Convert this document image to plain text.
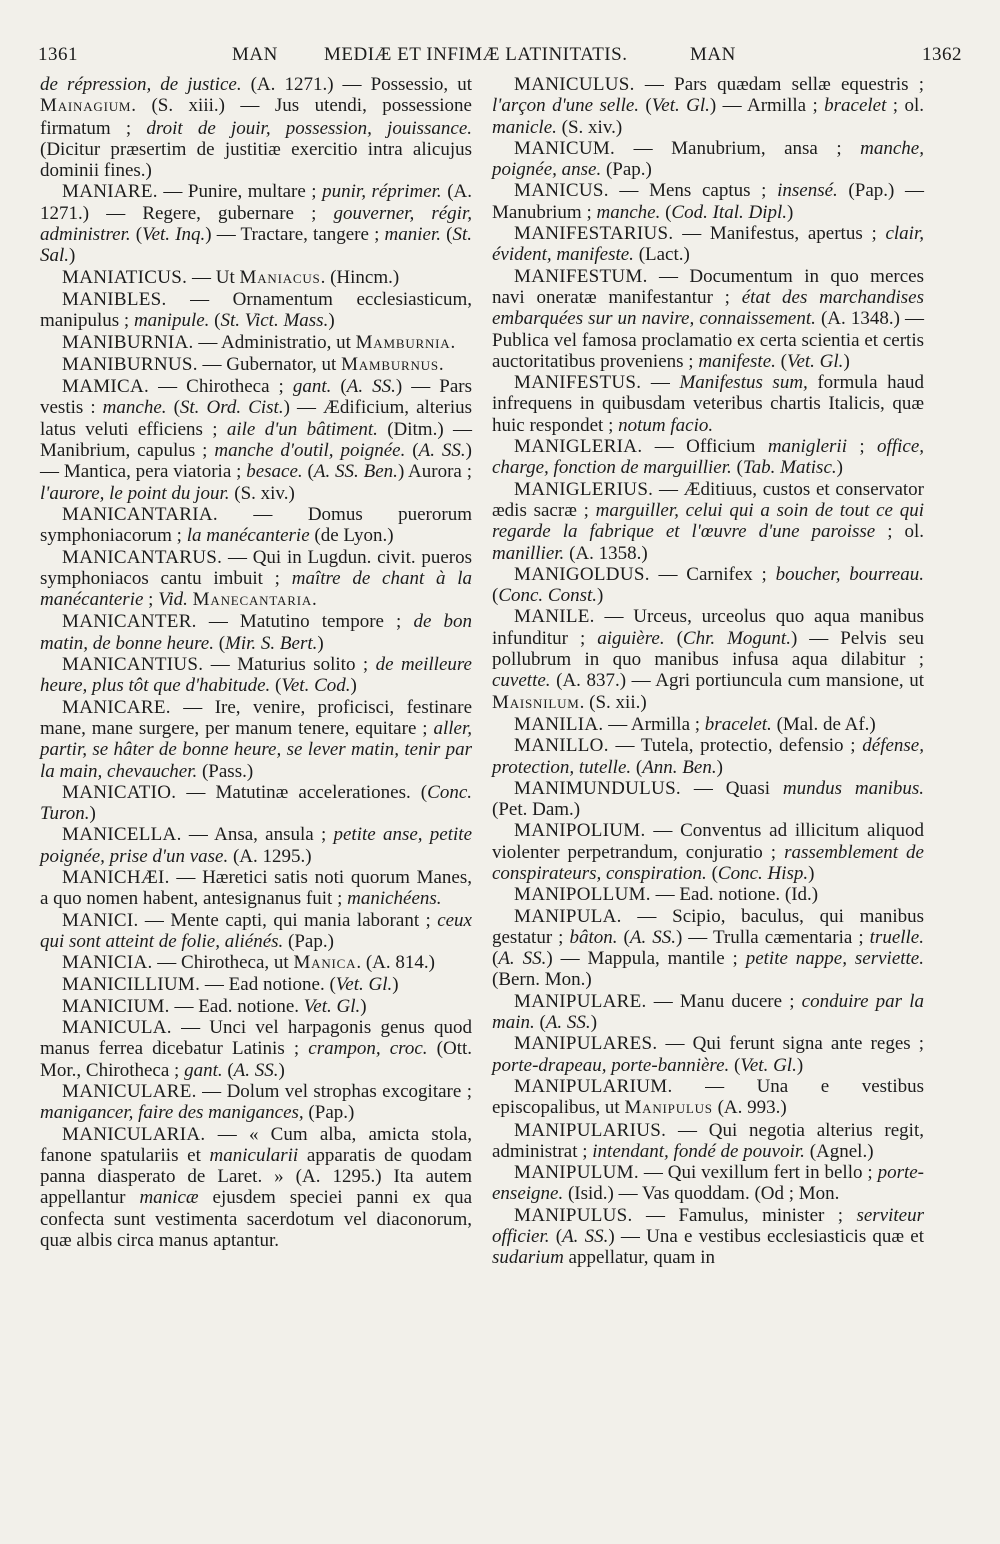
1361	MAN MEDIÆ ET INFIMÆ LATINITATIS.	MAN	1362

de répression, de justice. (A. 1271.) — Possessio, ut MAINAGIUM. (S. xiii.) — Jus utendi, possessione firmatum ; droit de jouir, possession, jouissance. (Dicitur præsertim de justitiæ exercitio intra alicujus dominii fines.)

MANIARE. — Punire, multare ; punir, réprimer. (A. 1271.) — Regere, gubernare ; gouverner, régir, administrer. (Vet. Inq.) — Tractare, tangere ; manier. (St. Sal.)

MANIATICUS. — Ut MANIACUS. (Hincm.)

MANIBLES. — Ornamentum ecclesiasticum, manipulus ; manipule. (St. Vict. Mass.)

MANIBURNIA. — Administratio, ut MAMBURNIA.

MANIBURNUS. — Gubernator, ut MAMBURNUS.

MAMICA. — Chirotheca ; gant. (A. SS.) — Pars vestis : manche. (St. Ord. Cist.) — Ædificium, alterius latus veluti efficiens ; aile d'un bâtiment. (Ditm.) — Manibrium, capulus ; manche d'outil, poignée. (A. SS.) — Mantica, pera viatoria ; besace. (A. SS. Ben.) Aurora ; l'aurore, le point du jour. (S. xiv.)

MANICANTARIA. — Domus puerorum symphoniacorum ; la manécanterie (de Lyon.)

MANICANTARUS. — Qui in Lugdun. civit. pueros symphoniacos cantu imbuit ; maître de chant à la manécanterie ; Vid. MANECANTARIA.

MANICANTER. — Matutino tempore ; de bon matin, de bonne heure. (Mir. S. Bert.)

MANICANTIUS. — Maturius solito ; de meilleure heure, plus tôt que d'habitude. (Vet. Cod.)

MANICARE. — Ire, venire, proficisci, festinare mane, mane surgere, per manum tenere, equitare ; aller, partir, se hâter de bonne heure, se lever matin, tenir par la main, chevaucher. (Pass.)

MANICATIO. — Matutinæ accelerationes. (Conc. Turon.)

MANICELLA. — Ansa, ansula ; petite anse, petite poignée, prise d'un vase. (A. 1295.)

MANICHÆI. — Hæretici satis noti quorum Manes, a quo nomen habent, antesignanus fuit ; manichéens.

MANICI. — Mente capti, qui mania laborant ; ceux qui sont atteint de folie, aliénés. (Pap.)

MANICIA. — Chirotheca, ut MANICA. (A. 814.)

MANICILLIUM. — Ead notione. (Vet. Gl.)

MANICIUM. — Ead. notione. Vet. Gl.)

MANICULA. — Unci vel harpagonis genus quod manus ferrea dicebatur Latinis ; crampon, croc. (Ott. Mor., Chirotheca ; gant. (A. SS.)

MANICULARE. — Dolum vel strophas excogitare ; manigancer, faire des manigances, (Pap.)

MANICULARIA. — « Cum alba, amicta stola, fanone spatulariis et manicularii apparatis de quodam panna diasperato de Laret. » (A. 1295.) Ita autem appellantur manicæ ejusdem speciei panni ex qua confecta sunt vestimenta sacerdotum vel diaconorum, quæ albis circa manus aptantur.

MANICULUS. — Pars quædam sellæ equestris ; l'arçon d'une selle. (Vet. Gl.) — Armilla ; bracelet ; ol. manicle. (S. xiv.)

MANICUM. — Manubrium, ansa ; manche, poignée, anse. (Pap.)

MANICUS. — Mens captus ; insensé. (Pap.) — Manubrium ; manche. (Cod. Ital. Dipl.)

MANIFESTARIUS. — Manifestus, apertus ; clair, évident, manifeste. (Lact.)

MANIFESTUM. — Documentum in quo merces navi oneratæ manifestantur ; état des marchandises embarquées sur un navire, connaissement. (A. 1348.) — Publica vel famosa proclamatio ex certa scientia et certis auctoritatibus proveniens ; manifeste. (Vet. Gl.)

MANIFESTUS. — Manifestus sum, formula haud infrequens in quibusdam veteribus chartis Italicis, quæ huic respondet ; notum facio.

MANIGLERIA. — Officium maniglerii ; office, charge, fonction de marguillier. (Tab. Matisc.)

MANIGLERIUS. — Æditiuus, custos et conservator ædis sacræ ; marguiller, celui qui a soin de tout ce qui regarde la fabrique et l'œuvre d'une paroisse ; ol. manillier. (A. 1358.)

MANIGOLDUS. — Carnifex ; boucher, bourreau. (Conc. Const.)

MANILE. — Urceus, urceolus quo aqua manibus infunditur ; aiguière. (Chr. Mogunt.) — Pelvis seu pollubrum in quo manibus infusa aqua dilabitur ; cuvette. (A. 837.) — Agri portiuncula cum mansione, ut MAISNILUM. (S. xii.)

MANILIA. — Armilla ; bracelet. (Mal. de Af.)

MANILLO. — Tutela, protectio, defensio ; défense, protection, tutelle. (Ann. Ben.)

MANIMUNDULUS. — Quasi mundus manibus. (Pet. Dam.)

MANIPOLIUM. — Conventus ad illicitum aliquod violenter perpetrandum, conjuratio ; rassemblement de conspirateurs, conspiration. (Conc. Hisp.)

MANIPOLLUM. — Ead. notione. (Id.)

MANIPULA. — Scipio, baculus, qui manibus gestatur ; bâton. (A. SS.) — Trulla cæmentaria ; truelle. (A. SS.) — Mappula, mantile ; petite nappe, serviette. (Bern. Mon.)

MANIPULARE. — Manu ducere ; conduire par la main. (A. SS.)

MANIPULARES. — Qui ferunt signa ante reges ; porte-drapeau, porte-bannière. (Vet. Gl.)

MANIPULARIUM. — Una e vestibus episcopalibus, ut MANIPULUS (A. 993.)

MANIPULARIUS. — Qui negotia alterius regit, administrat ; intendant, fondé de pouvoir. (Agnel.)

MANIPULUM. — Qui vexillum fert in bello ; porte-enseigne. (Isid.) — Vas quoddam. (Od ; Mon.

MANIPULUS. — Famulus, minister ; serviteur officier. (A. SS.) — Una e vestibus ecclesiasticis quæ et sudarium appellatur, quam in
